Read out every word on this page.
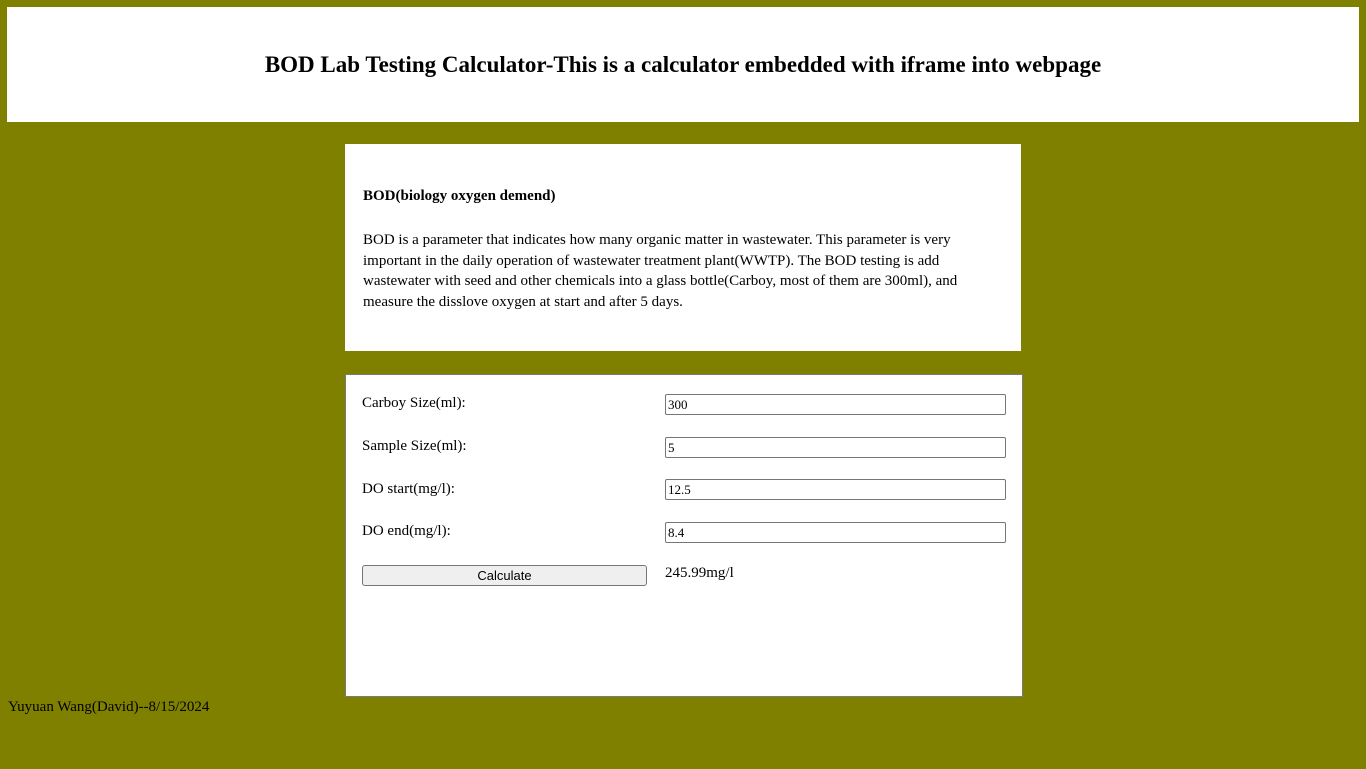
BOD Lab Testing Calculator-This is a calculator embedded with iframe into webpage
BOD(biology oxygen demend)

BOD is a parameter that indicates how many organic matter in wastewater. This parameter is very important in the daily operation of wastewater treatment plant(WWTP). The BOD testing is add wastewater with seed and other chemicals into a glass bottle(Carboy, most of them are 300ml), and measure the disslove oxygen at start and after 5 days.

Carboy Size(ml):
300
Sample Size(ml):
5
DO start(mg/l):
12.5
DO end(mg/l):
8.4
Calculate	245.99mg/l
Yuyuan Wang(David)--8/15/2024
